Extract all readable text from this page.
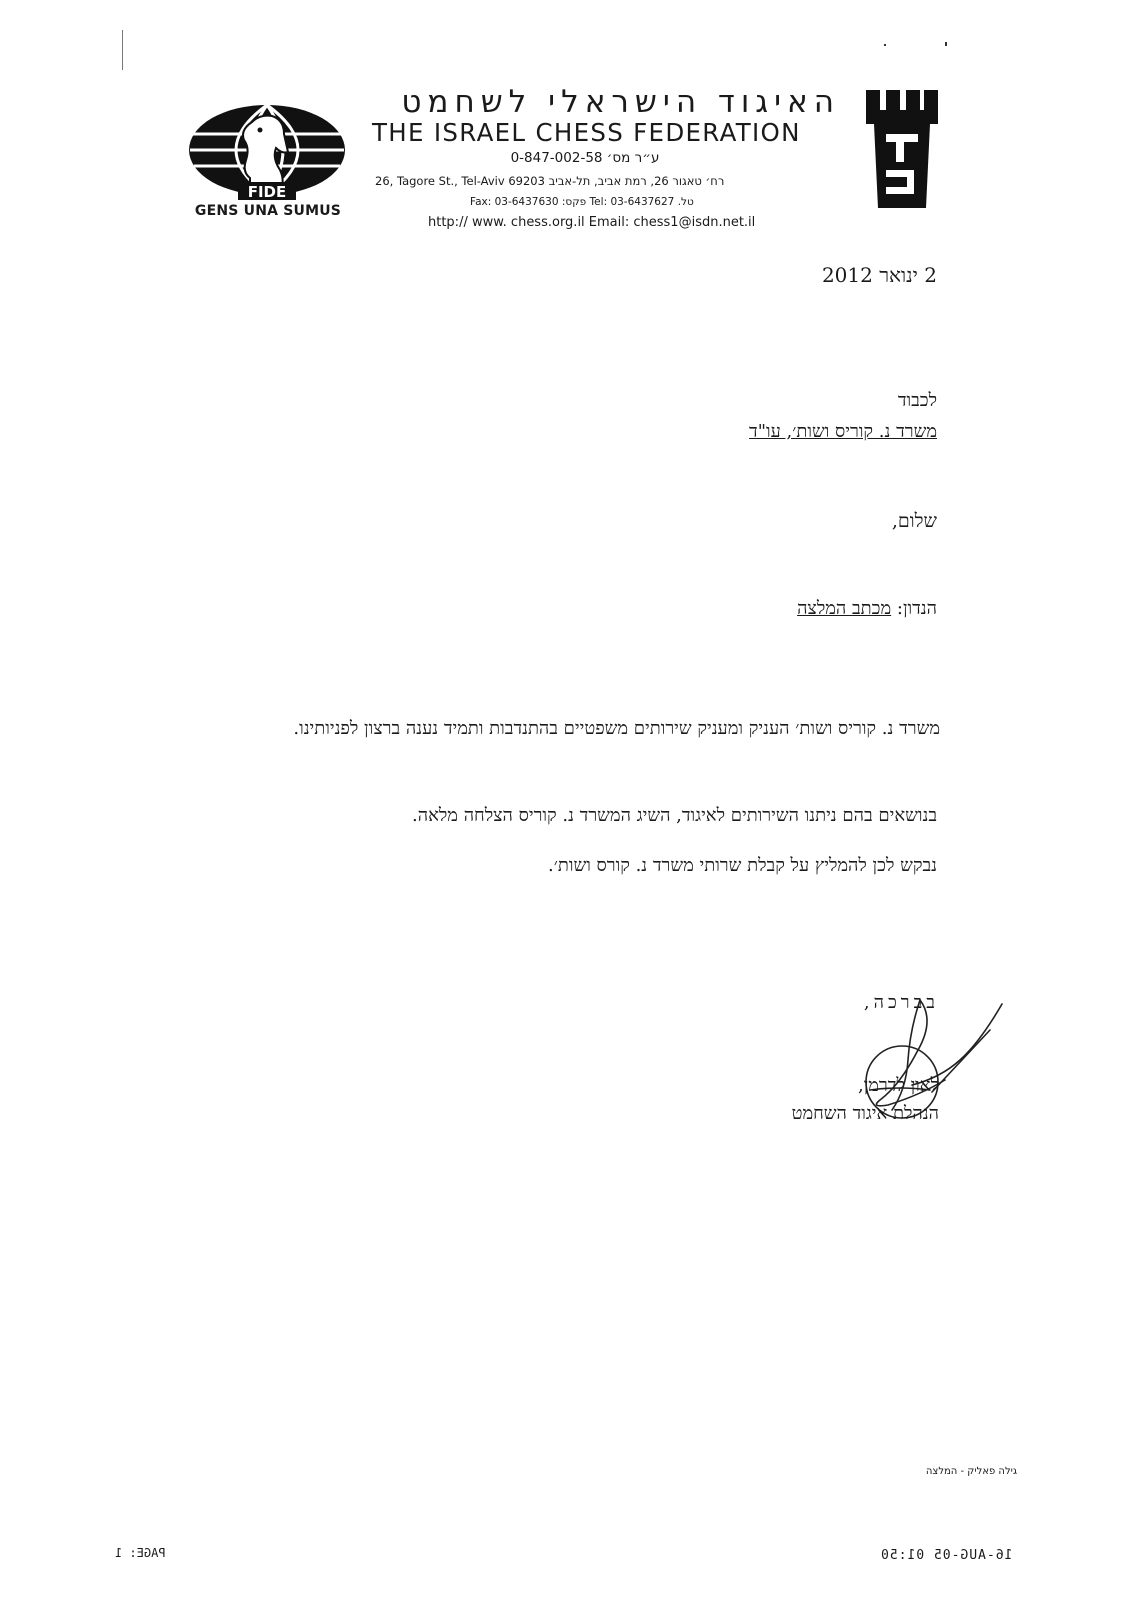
FIDE
GENS UNA SUMUS
האיגוד הישראלי לשחמט
THE ISRAEL CHESS FEDERATION
ע״ר מס׳ 0-847-002-58
26, Tagore St., Tel-Aviv 69203 רח׳ טאגור 26, רמת אביב, תל-אביב
Fax: 03-6437630 :פקס Tel: 03-6437627 .טל
http:// www. chess.org.il Email: chess1@isdn.net.il
2 ינואר 2012
לכבוד
משרד נ. קוריס ושות׳, עו"ד
שלום,
הנדון: מכתב המלצה
משרד נ. קוריס ושות׳ העניק ומעניק שירותים משפטיים בהתנדבות ותמיד נענה ברצון לפניותינו.
בנושאים בהם ניתנו השירותים לאיגוד, השיג המשרד נ. קוריס הצלחה מלאה.
נבקש לכן להמליץ על קבלת שרותי משרד נ. קורס ושות׳.
בברכה,
לאון לדרמן,
הנהלת איגוד השחמט
גילה פאליק - המלצה
PAGE: 1	16-AUG-05 01:50
